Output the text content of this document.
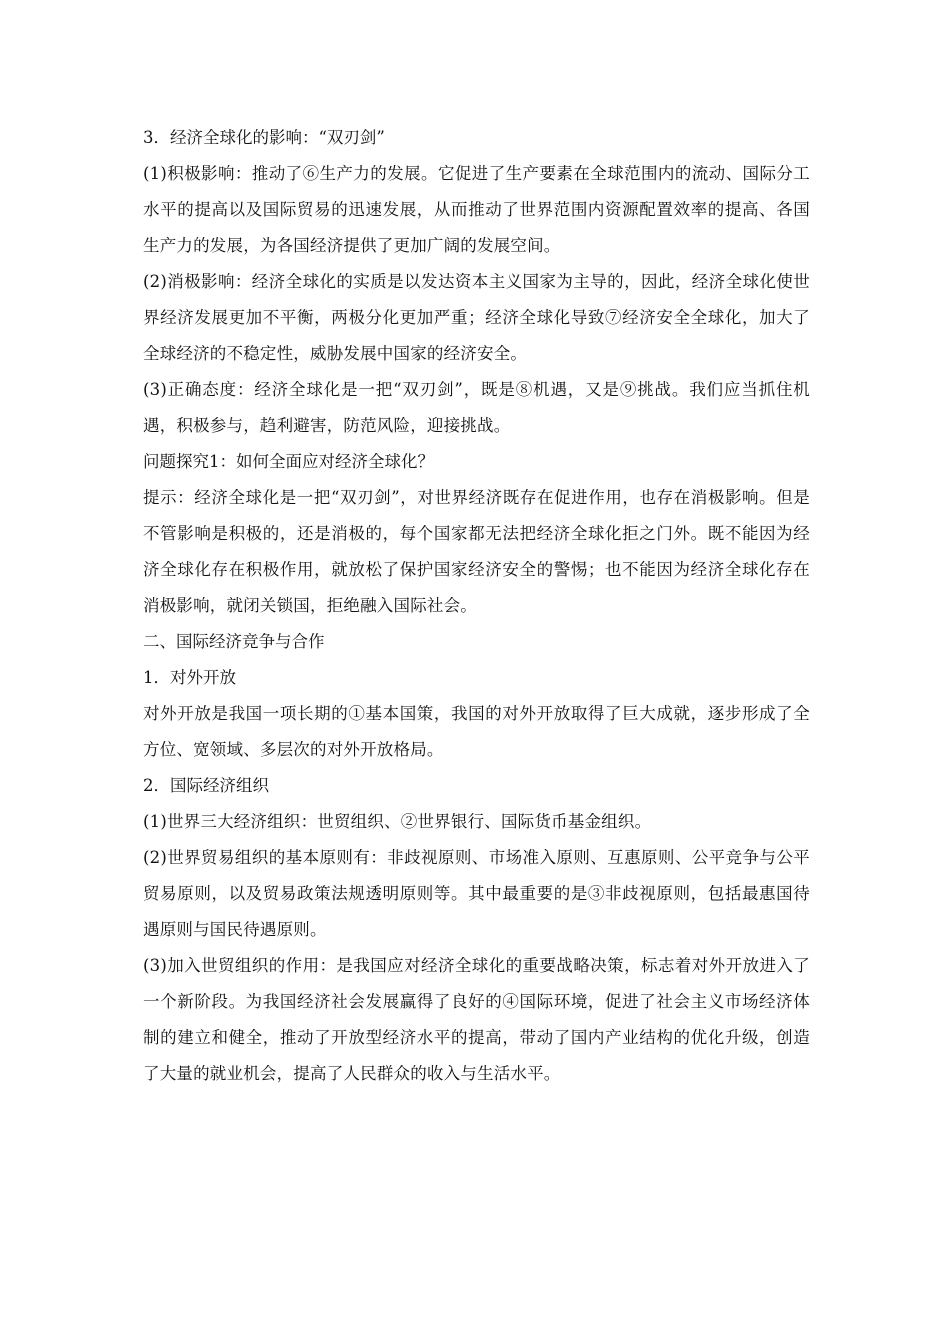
3．经济全球化的影响：“双刃剑”

(1)积极影响：推动了⑥生产力的发展。它促进了生产要素在全球范围内的流动、国际分工水平的提高以及国际贸易的迅速发展，从而推动了世界范围内资源配置效率的提高、各国生产力的发展，为各国经济提供了更加广阔的发展空间。

(2)消极影响：经济全球化的实质是以发达资本主义国家为主导的，因此，经济全球化使世界经济发展更加不平衡，两极分化更加严重；经济全球化导致⑦经济安全全球化，加大了全球经济的不稳定性，威胁发展中国家的经济安全。

(3)正确态度：经济全球化是一把“双刃剑”，既是⑧机遇，又是⑨挑战。我们应当抓住机遇，积极参与，趋利避害，防范风险，迎接挑战。

问题探究1：如何全面应对经济全球化？

提示：经济全球化是一把“双刃剑”，对世界经济既存在促进作用，也存在消极影响。但是不管影响是积极的，还是消极的，每个国家都无法把经济全球化拒之门外。既不能因为经济全球化存在积极作用，就放松了保护国家经济安全的警惕；也不能因为经济全球化存在消极影响，就闭关锁国，拒绝融入国际社会。

二、国际经济竞争与合作

1．对外开放

对外开放是我国一项长期的①基本国策，我国的对外开放取得了巨大成就，逐步形成了全方位、宽领域、多层次的对外开放格局。

2．国际经济组织

(1)世界三大经济组织：世贸组织、②世界银行、国际货币基金组织。

(2)世界贸易组织的基本原则有：非歧视原则、市场准入原则、互惠原则、公平竞争与公平贸易原则，以及贸易政策法规透明原则等。其中最重要的是③非歧视原则，包括最惠国待遇原则与国民待遇原则。

(3)加入世贸组织的作用：是我国应对经济全球化的重要战略决策，标志着对外开放进入了一个新阶段。为我国经济社会发展赢得了良好的④国际环境，促进了社会主义市场经济体制的建立和健全，推动了开放型经济水平的提高，带动了国内产业结构的优化升级，创造了大量的就业机会，提高了人民群众的收入与生活水平。
